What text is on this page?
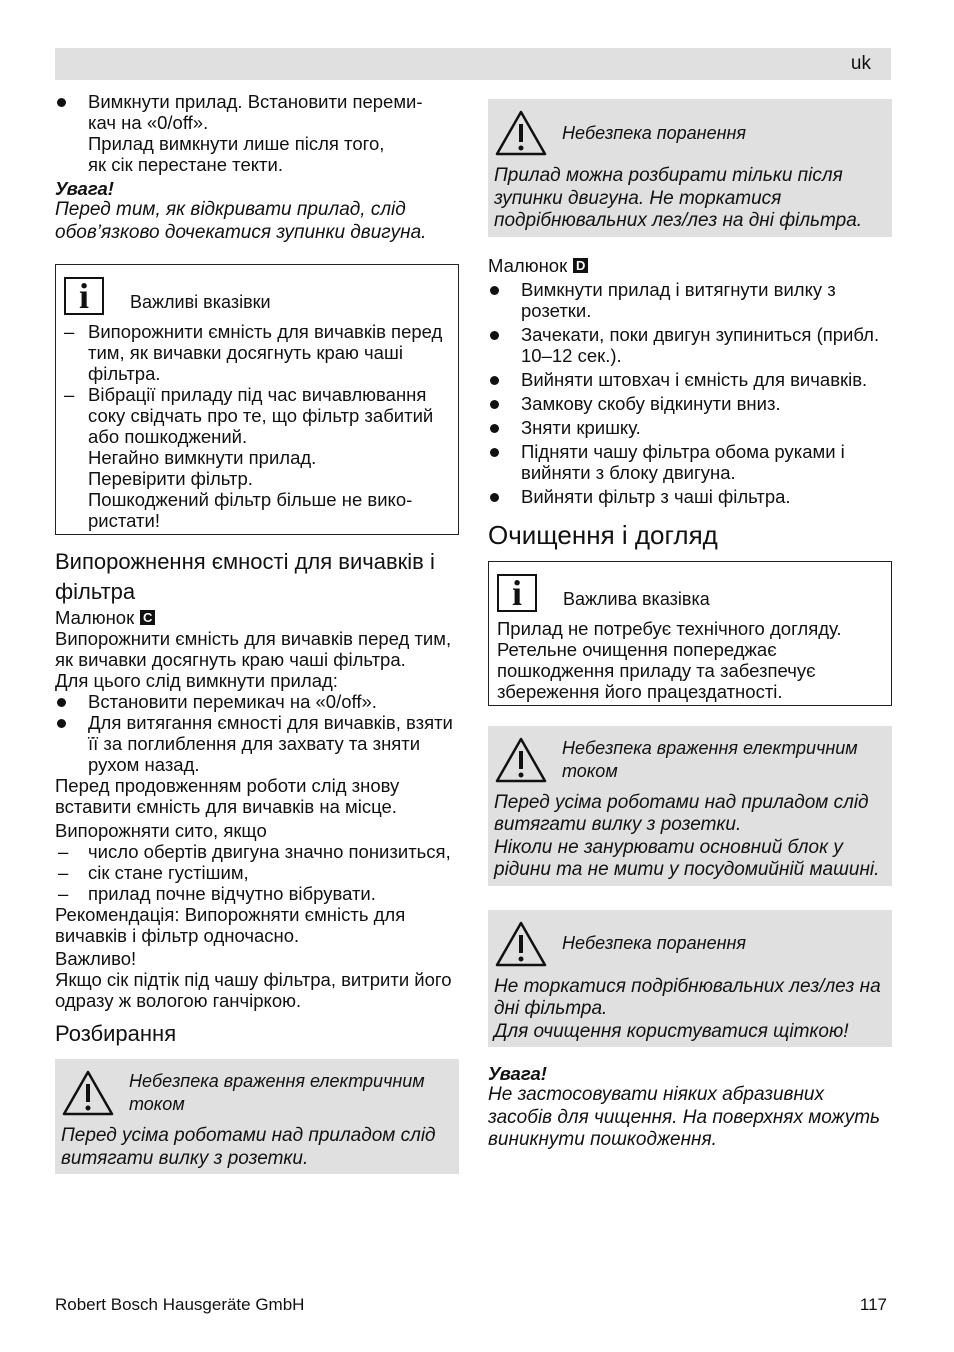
uk
Вимкнути прилад. Встановити переми-
кач на «0/off».
Прилад вимкнути лише після того,
як сік перестане текти.

Увага!

Перед тим, як відкривати прилад, слід обов’язково дочекатися зупинки двигуна.

i	Важливі вказівки
– Випорожнити ємність для вичавків перед тим, як вичавки досягнуть краю чаші фільтра.
– Вібрації приладу під час вичавлювання соку свідчать про те, що фільтр забитий або пошкоджений.
Негайно вимкнути прилад.
Перевірити фільтр.
Пошкоджений фільтр більше не вико-ристати!
Випорожнення ємності для вичавків і фільтра
Малюнок C

Випорожнити ємність для вичавків перед тим, як вичавки досягнуть краю чаші фільтра.

Для цього слід вимкнути прилад:

Встановити перемикач на «0/off».
Для витягання ємності для вичавків, взяти її за поглиблення для захвату та зняти рухом назад.

Перед продовженням роботи слід знову вставити ємність для вичавків на місце.

Випорожняти сито, якщо

– число обертів двигуна значно понизиться,
– сік стане густішим,
– прилад почне відчутно вібрувати.

Рекомендація: Випорожняти ємність для вичавків і фільтр одночасно.

Важливо!

Якщо сік підтік під чашу фільтра, витрити його одразу ж вологою ганчіркою.

Розбирання
Небезпека враження електричним током
Перед усіма роботами над приладом слід витягати вилку з розетки.
Небезпека поранення
Прилад можна розбирати тільки після зупинки двигуна. Не торкатися подрібнювальних лез/лез на дні фільтра.
Малюнок D
Вимкнути прилад і витягнути вилку з розетки.
Зачекати, поки двигун зупиниться (прибл. 10–12 сек.).
Вийняти штовхач і ємність для вичавків.
Замкову скобу відкинути вниз.
Зняти кришку.
Підняти чашу фільтра обома руками і вийняти з блоку двигуна.
Вийняти фільтр з чаші фільтра.
Очищення і догляд
i	Важлива вказівка
Прилад не потребує технічного догляду. Ретельне очищення попереджає пошкодження приладу та забезпечує збереження його працездатності.
Небезпека враження електричним током
Перед усіма роботами над приладом слід витягати вилку з розетки.
Ніколи не занурювати основний блок у рідини та не мити у посудомийній машині.
Небезпека поранення
Не торкатися подрібнювальних лез/лез на дні фільтра.
Для очищення користуватися щіткою!

Увага!

Не застосовувати ніяких абразивних засобів для чищення. На поверхнях можуть виникнути пошкодження.

Robert Bosch Hausgeräte GmbH	117
